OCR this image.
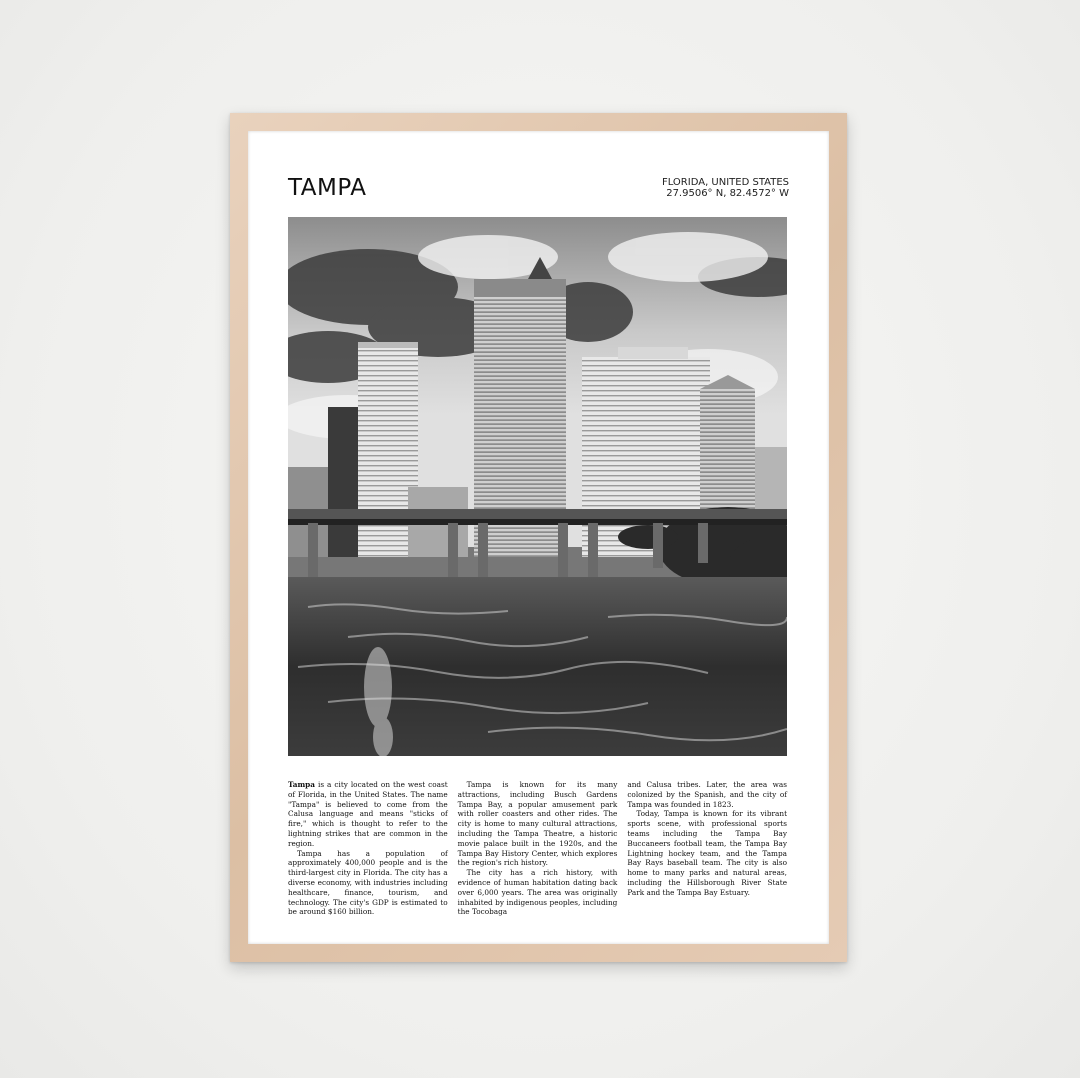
TAMPA	FLORIDA, UNITED STATES
27.9506° N, 82.4572° W

Tampa is a city located on the west coast of Florida, in the United States. The name "Tampa" is believed to come from the Calusa language and means "sticks of fire," which is thought to refer to the lightning strikes that are common in the region.

Tampa has a population of approximately 400,000 people and is the third-largest city in Florida. The city has a diverse economy, with industries including healthcare, finance, tourism, and technology. The city's GDP is estimated to be around $160 billion.

Tampa is known for its many attractions, including Busch Gardens Tampa Bay, a popular amusement park with roller coasters and other rides. The city is home to many cultural attractions, including the Tampa Theatre, a historic movie palace built in the 1920s, and the Tampa Bay History Center, which explores the region's rich history.

The city has a rich history, with evidence of human habitation dating back over 6,000 years. The area was originally inhabited by indigenous peoples, including the Tocobaga

and Calusa tribes. Later, the area was colonized by the Spanish, and the city of Tampa was founded in 1823.

Today, Tampa is known for its vibrant sports scene, with professional sports teams including the Tampa Bay Buccaneers football team, the Tampa Bay Lightning hockey team, and the Tampa Bay Rays baseball team. The city is also home to many parks and natural areas, including the Hillsborough River State Park and the Tampa Bay Estuary.
